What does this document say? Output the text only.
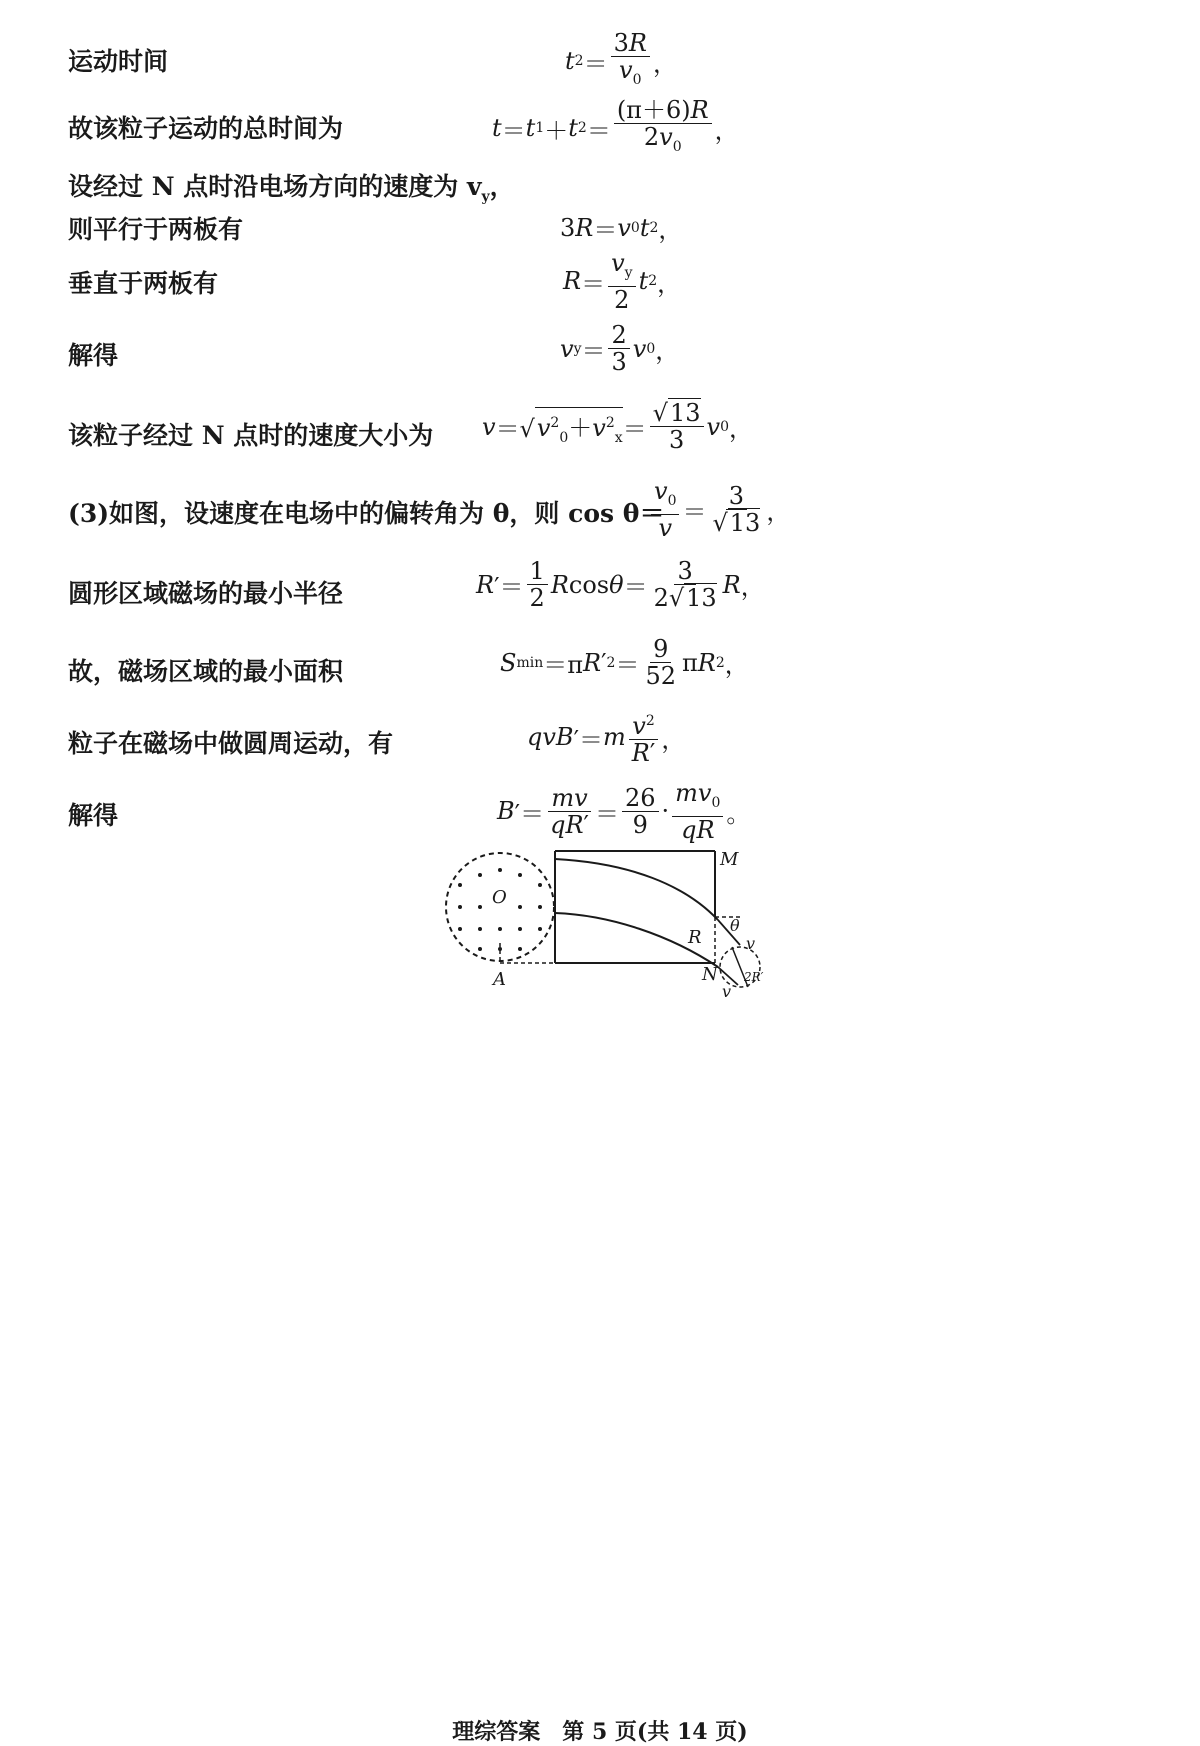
运动时间	t $2 = \frac{3R}{v_0}$ ，
故该粒子运动的总时间为	t ＝ t 1 ＋ t $2 = \frac{(\pi+6)R}{2v_0}$ ，
设经过 N 点时沿电场方向的速度为 $v_y$，
则平行于两板有	3 R ＝ v 0 t 2 ，
垂直于两板有	$R = \frac{v_y}{2}$ t 2 ，
解得	v $y = \frac{2}{3}$ v 0 ，
该粒子经过 N 点时的速度大小为 v ＝√ $v^2_0+v^2_x = \frac{√13}{3}$ v 0 ，
(3)如图，设速度在电场中的偏转角为 θ，则 cos θ＝
$\frac{v_0}{v} = \frac{3}{√13}$ ，
圆形区域磁场的最小半径	R ′＝ $\frac{1}{2}$ R $\cos \theta = \frac{3}{2√13}$ R ，
故，磁场区域的最小面积	S min ＝π R ′ $2 = \frac{9}{52}$ π R 2 ，
粒子在磁场中做圆周运动，有	qvB ′＝ m $\frac{v^2}{R'}$ ，
解得	B ′＝ $\frac{mv}{qR'} = \frac{26}{9} \cdot \frac{mv_0}{qR}$ 。
O
A
M
R
N
θ
v
v
2R′
理综答案　第 5 页(共 14 页)
